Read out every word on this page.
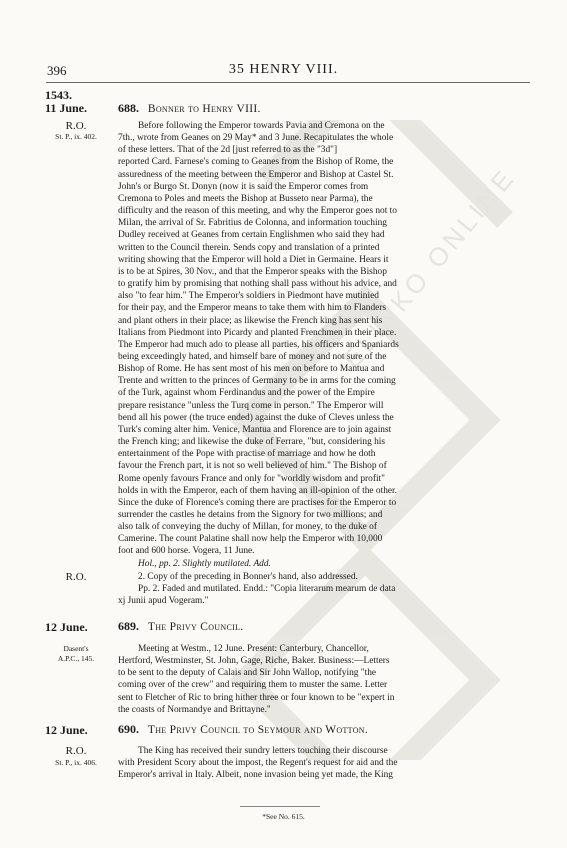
ELINKO ONLINE
396	35 HENRY VIII.
1543.
11 June.	688. Bonner to Henry VIII.
R.O.
St. P., ix. 402.
Before following the Emperor towards Pavia and Cremona on the
7th., wrote from Geanes on 29 May* and 3 June. Recapitulates the whole
of these letters. That of the 2d [just referred to as the "3d"]
reported Card. Farnese's coming to Geanes from the Bishop of Rome, the
assuredness of the meeting between the Emperor and Bishop at Castel St.
John's or Burgo St. Donyn (now it is said the Emperor comes from
Cremona to Poles and meets the Bishop at Busseto near Parma), the
difficulty and the reason of this meeting, and why the Emperor goes not to
Milan, the arrival of Sr. Fabritius de Colonna, and information touching
Dudley received at Geanes from certain Englishmen who said they had
written to the Council therein. Sends copy and translation of a printed
writing showing that the Emperor will hold a Diet in Germaine. Hears it
is to be at Spires, 30 Nov., and that the Emperor speaks with the Bishop
to gratify him by promising that nothing shall pass without his advice, and
also "to fear him." The Emperor's soldiers in Piedmont have mutinied
for their pay, and the Emperor means to take them with him to Flanders
and plant others in their place; as likewise the French king has sent his
Italians from Piedmont into Picardy and planted Frenchmen in their place.
The Emperor had much ado to please all parties, his officers and Spaniards
being exceedingly hated, and himself bare of money and not sure of the
Bishop of Rome. He has sent most of his men on before to Mantua and
Trente and written to the princes of Germany to be in arms for the coming
of the Turk, against whom Ferdinandus and the power of the Empire
prepare resistance "unless the Turq come in person." The Emperor will
bend all his power (the truce ended) against the duke of Cleves unless the
Turk's coming alter him. Venice, Mantua and Florence are to join against
the French king; and likewise the duke of Ferrare, "but, considering his
entertainment of the Pope with practise of marriage and how he doth
favour the French part, it is not so well believed of him." The Bishop of
Rome openly favours France and only for "worldly wisdom and profit"
holds in with the Emperor, each of them having an ill-opinion of the other.
Since the duke of Florence's coming there are practises for the Emperor to
surrender the castles he detains from the Signory for two millions; and
also talk of conveying the duchy of Millan, for money, to the duke of
Camerine. The count Palatine shall now help the Emperor with 10,000
foot and 600 horse. Vogera, 11 June.

Hol., pp. 2. Slightly mutilated. Add.

R.O.	2. Copy of the preceding in Bonner's hand, also addressed.

Pp. 2. Faded and mutilated. Endd.: "Copia literarum mearum de data

xj Junii apud Vogeram."

12 June.	689. The Privy Council.
Dasent's
A.P.C., 145.
Meeting at Westm., 12 June. Present: Canterbury, Chancellor,
Hertford, Westminster, St. John, Gage, Riche, Baker. Business:—Letters
to be sent to the deputy of Calais and Sir John Wallop, notifying "the
coming over of the crew" and requiring them to muster the same. Letter
sent to Fletcher of Ric to bring hither three or four known to be "expert in
the coasts of Normandye and Brittayne."
12 June.	690. The Privy Council to Seymour and Wotton.
R.O.
St. P., ix. 406.
The King has received their sundry letters touching their discourse
with President Scory about the impost, the Regent's request for aid and the
Emperor's arrival in Italy. Albeit, none invasion being yet made, the King
*See No. 615.
